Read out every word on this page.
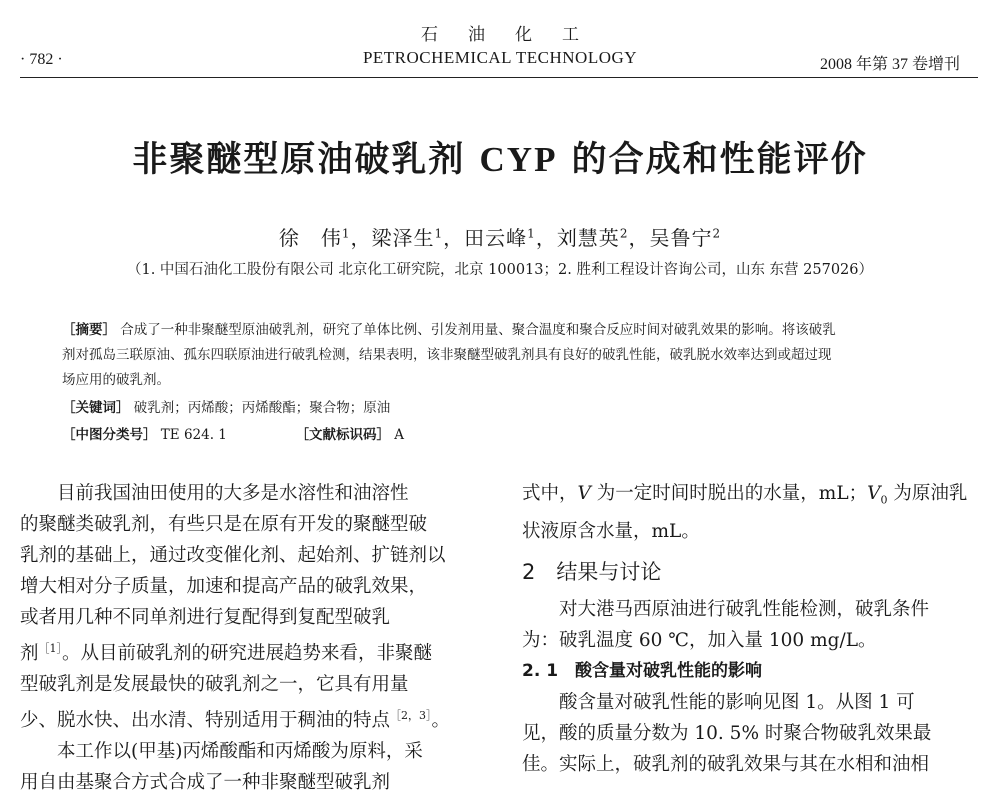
石油化工
PETROCHEMICAL TECHNOLOGY
· 782 ·	2008 年第 37 卷增刊
非聚醚型原油破乳剂 CYP 的合成和性能评价
徐　伟$^1$，梁泽生$^1$，田云峰$^1$，刘慧英$^2$，吴鲁宁$^2$
（1. 中国石油化工股份有限公司 北京化工研究院，北京 100013；2. 胜利工程设计咨询公司，山东 东营 257026）
［摘要］ 合成了一种非聚醚型原油破乳剂，研究了单体比例、引发剂用量、聚合温度和聚合反应时间对破乳效果的影响。将该破乳
剂对孤岛三联原油、孤东四联原油进行破乳检测，结果表明，该非聚醚型破乳剂具有良好的破乳性能，破乳脱水效率达到或超过现
场应用的破乳剂。
［关键词］ 破乳剂；丙烯酸；丙烯酸酯；聚合物；原油
［中图分类号］ TE 624. 1	［文献标识码］ A
目前我国油田使用的大多是水溶性和油溶性
的聚醚类破乳剂，有些只是在原有开发的聚醚型破
乳剂的基础上，通过改变催化剂、起始剂、扩链剂以
增大相对分子质量，加速和提高产品的破乳效果，
或者用几种不同单剂进行复配得到复配型破乳
剂$^{[1]}$。从目前破乳剂的研究进展趋势来看，非聚醚
型破乳剂是发展最快的破乳剂之一，它具有用量
少、脱水快、出水清、特别适用于稠油的特点$^{[2,3]}$。
本工作以(甲基)丙烯酸酯和丙烯酸为原料，采
用自由基聚合方式合成了一种非聚醚型破乳剂
式中，V 为一定时间时脱出的水量，mL；$V_0$ 为原油乳
状液原含水量，mL。
2　结果与讨论
对大港马西原油进行破乳性能检测，破乳条件
为：破乳温度 60 ℃，加入量 100 mg/L。
2. 1　酸含量对破乳性能的影响
酸含量对破乳性能的影响见图 1。从图 1 可
见，酸的质量分数为 10. 5% 时聚合物破乳效果最
佳。实际上，破乳剂的破乳效果与其在水相和油相
